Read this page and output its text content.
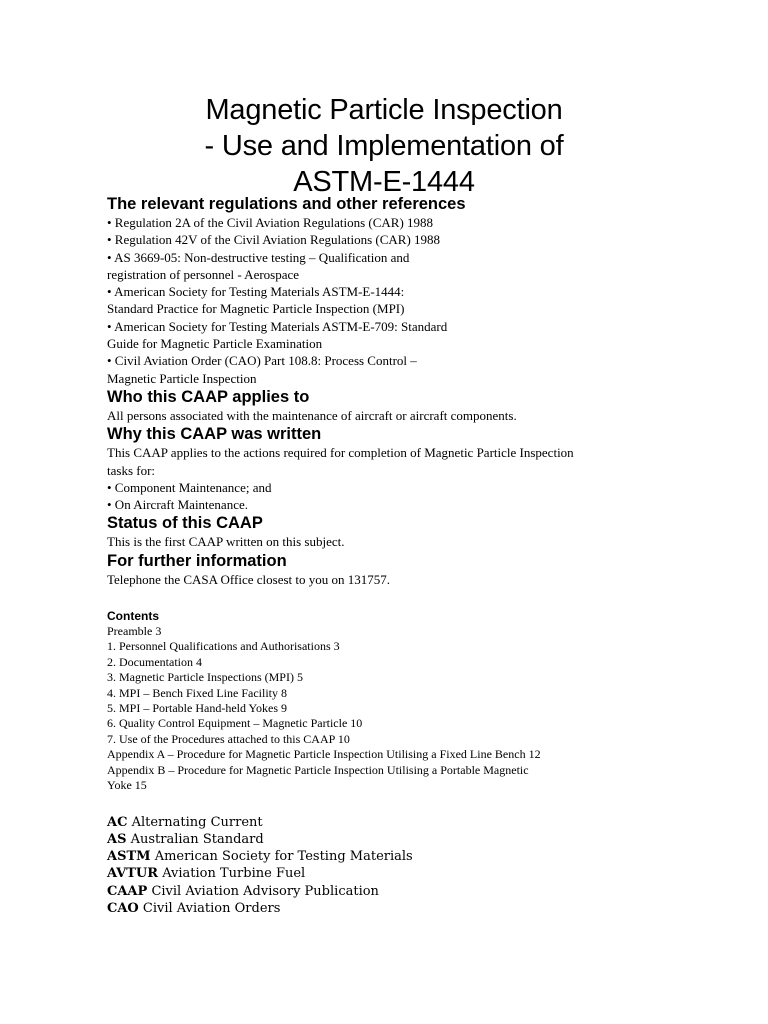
Magnetic Particle Inspection
- Use and Implementation of
ASTM-E-1444
The relevant regulations and other references
• Regulation 2A of the Civil Aviation Regulations (CAR) 1988
• Regulation 42V of the Civil Aviation Regulations (CAR) 1988
• AS 3669-05: Non-destructive testing – Qualification and
registration of personnel - Aerospace
• American Society for Testing Materials ASTM-E-1444:
Standard Practice for Magnetic Particle Inspection (MPI)
• American Society for Testing Materials ASTM-E-709: Standard
Guide for Magnetic Particle Examination
• Civil Aviation Order (CAO) Part 108.8: Process Control –
Magnetic Particle Inspection
Who this CAAP applies to
All persons associated with the maintenance of aircraft or aircraft components.
Why this CAAP was written
This CAAP applies to the actions required for completion of Magnetic Particle Inspection
tasks for:
• Component Maintenance; and
• On Aircraft Maintenance.
Status of this CAAP
This is the first CAAP written on this subject.
For further information
Telephone the CASA Office closest to you on 131757.
Contents
Preamble 3
1. Personnel Qualifications and Authorisations 3
2. Documentation 4
3. Magnetic Particle Inspections (MPI) 5
4. MPI – Bench Fixed Line Facility 8
5. MPI – Portable Hand-held Yokes 9
6. Quality Control Equipment – Magnetic Particle 10
7. Use of the Procedures attached to this CAAP 10
Appendix A – Procedure for Magnetic Particle Inspection Utilising a Fixed Line Bench 12
Appendix B – Procedure for Magnetic Particle Inspection Utilising a Portable Magnetic
Yoke 15
AC Alternating Current
AS Australian Standard
ASTM American Society for Testing Materials
AVTUR Aviation Turbine Fuel
CAAP Civil Aviation Advisory Publication
CAO Civil Aviation Orders
